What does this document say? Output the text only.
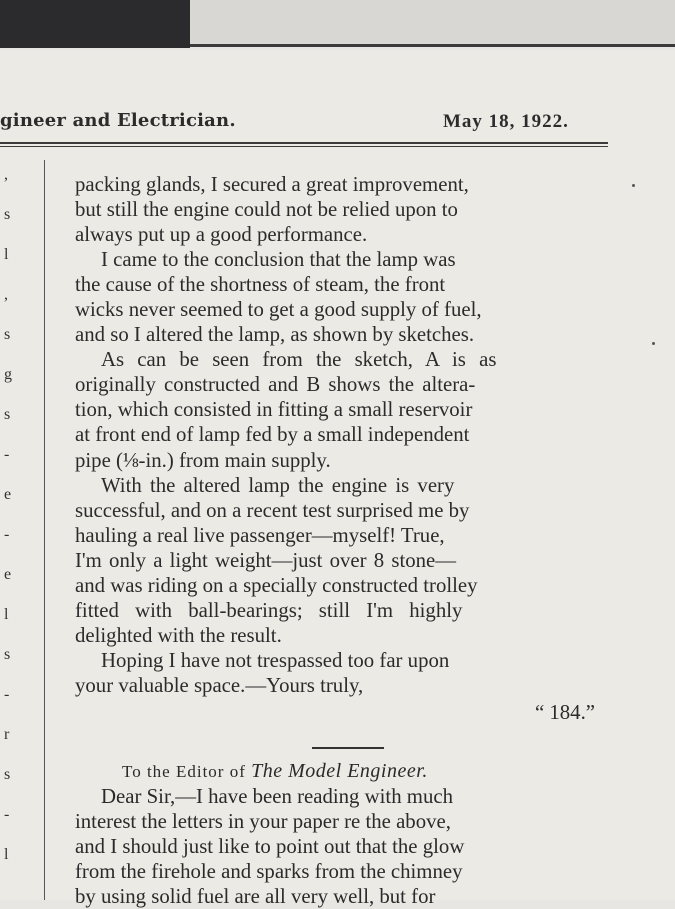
gineer and Electrician.	May 18, 1922.
,
s
l
,
s
g
s
-
e
-
e
l
s
-
r
s
-
l
packing glands, I secured a great improvement,
but still the engine could not be relied upon to
always put up a good performance.
I came to the conclusion that the lamp was
the cause of the shortness of steam, the front
wicks never seemed to get a good supply of fuel,
and so I altered the lamp, as shown by sketches.
As can be seen from the sketch, A is as
originally constructed and B shows the altera-
tion, which consisted in fitting a small reservoir
at front end of lamp fed by a small independent
pipe (⅛-in.) from main supply.
With the altered lamp the engine is very
successful, and on a recent test surprised me by
hauling a real live passenger—myself! True,
I'm only a light weight—just over 8 stone—
and was riding on a specially constructed trolley
fitted with ball-bearings; still I'm highly
delighted with the result.
Hoping I have not trespassed too far upon
your valuable space.—Yours truly,
“ 184.”
To the Editor of The Model Engineer.
Dear Sir,—I have been reading with much
interest the letters in your paper re the above,
and I should just like to point out that the glow
from the firehole and sparks from the chimney
by using solid fuel are all very well, but for
